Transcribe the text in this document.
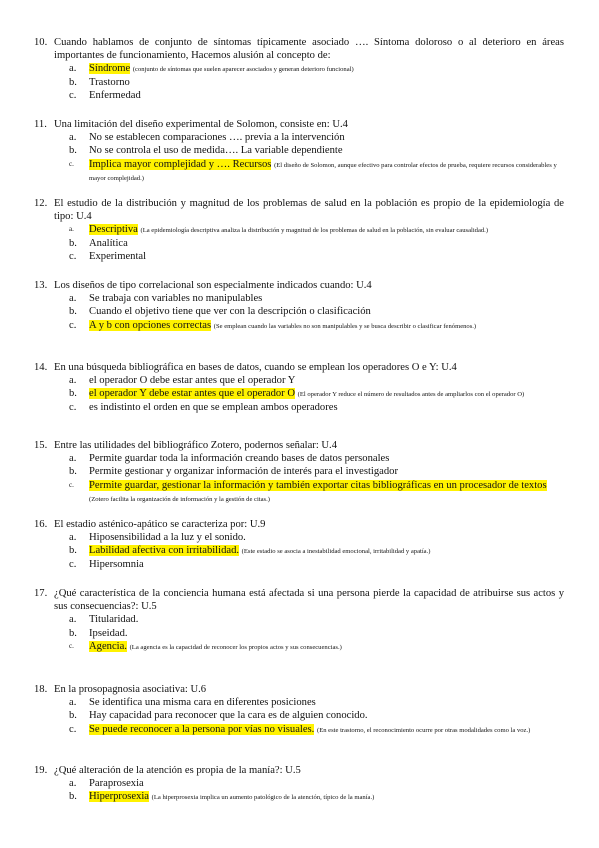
10. Cuando hablamos de conjunto de síntomas típicamente asociado …. Síntoma doloroso o al deterioro en áreas importantes de funcionamiento, Hacemos alusión al concepto de:
a.	Síndrome (conjunto de síntomas que suelen aparecer asociados y generan deterioro funcional)
b.	Trastorno
c.	Enfermedad
11. Una limitación del diseño experimental de Solomon, consiste en: U.4
a.	No se establecen comparaciones …. previa a la intervención
b.	No se controla el uso de medida…. La variable dependiente
c.	Implica mayor complejidad y …. Recursos (El diseño de Solomon, aunque efectivo para controlar efectos de prueba, requiere recursos considerables y mayor complejidad.)
12. El estudio de la distribución y magnitud de los problemas de salud en la población es propio de la epidemiología de tipo: U.4
a.	Descriptiva (La epidemiología descriptiva analiza la distribución y magnitud de los problemas de salud en la población, sin evaluar causalidad.)
b.	Analítica
c.	Experimental
13. Los diseños de tipo correlacional son especialmente indicados cuando: U.4
a.	Se trabaja con variables no manipulables
b.	Cuando el objetivo tiene que ver con la descripción o clasificación
c.	A y b con opciones correctas (Se emplean cuando las variables no son manipulables y se busca describir o clasificar fenómenos.)
14. En una búsqueda bibliográfica en bases de datos, cuando se emplean los operadores O e Y: U.4
a.	el operador O debe estar antes que el operador Y
b.	el operador Y debe estar antes que el operador O (El operador Y reduce el número de resultados antes de ampliarlos con el operador O)
c.	es indistinto el orden en que se emplean ambos operadores
15. Entre las utilidades del bibliográfico Zotero, podernos señalar: U.4
a.	Permite guardar toda la información creando bases de datos personales
b.	Permite gestionar y organizar información de interés para el investigador
c.	Permite guardar, gestionar la información y también exportar citas bibliográficas en un procesador de textos (Zotero facilita la organización de información y la gestión de citas.)
16. El estadio asténico-apático se caracteriza por: U.9
a.	Hiposensibilidad a la luz y el sonido.
b.	Labilidad afectiva con irritabilidad. (Este estadio se asocia a inestabilidad emocional, irritabilidad y apatía.)
c.	Hipersomnia
17. ¿Qué característica de la conciencia humana está afectada si una persona pierde la capacidad de atribuirse sus actos y sus consecuencias?: U.5
a.	Titularidad.
b.	Ipseidad.
c.	Agencia. (La agencia es la capacidad de reconocer los propios actos y sus consecuencias.)
18. En la prosopagnosia asociativa: U.6
a.	Se identifica una misma cara en diferentes posiciones
b.	Hay capacidad para reconocer que la cara es de alguien conocido.
c.	Se puede reconocer a la persona por vías no visuales. (En este trastorno, el reconocimiento ocurre por otras modalidades como la voz.)
19. ¿Qué alteración de la atención es propia de la manía?: U.5
a.	Paraprosexia
b.	Hiperprosexia (La hiperprosexia implica un aumento patológico de la atención, típico de la manía.)
